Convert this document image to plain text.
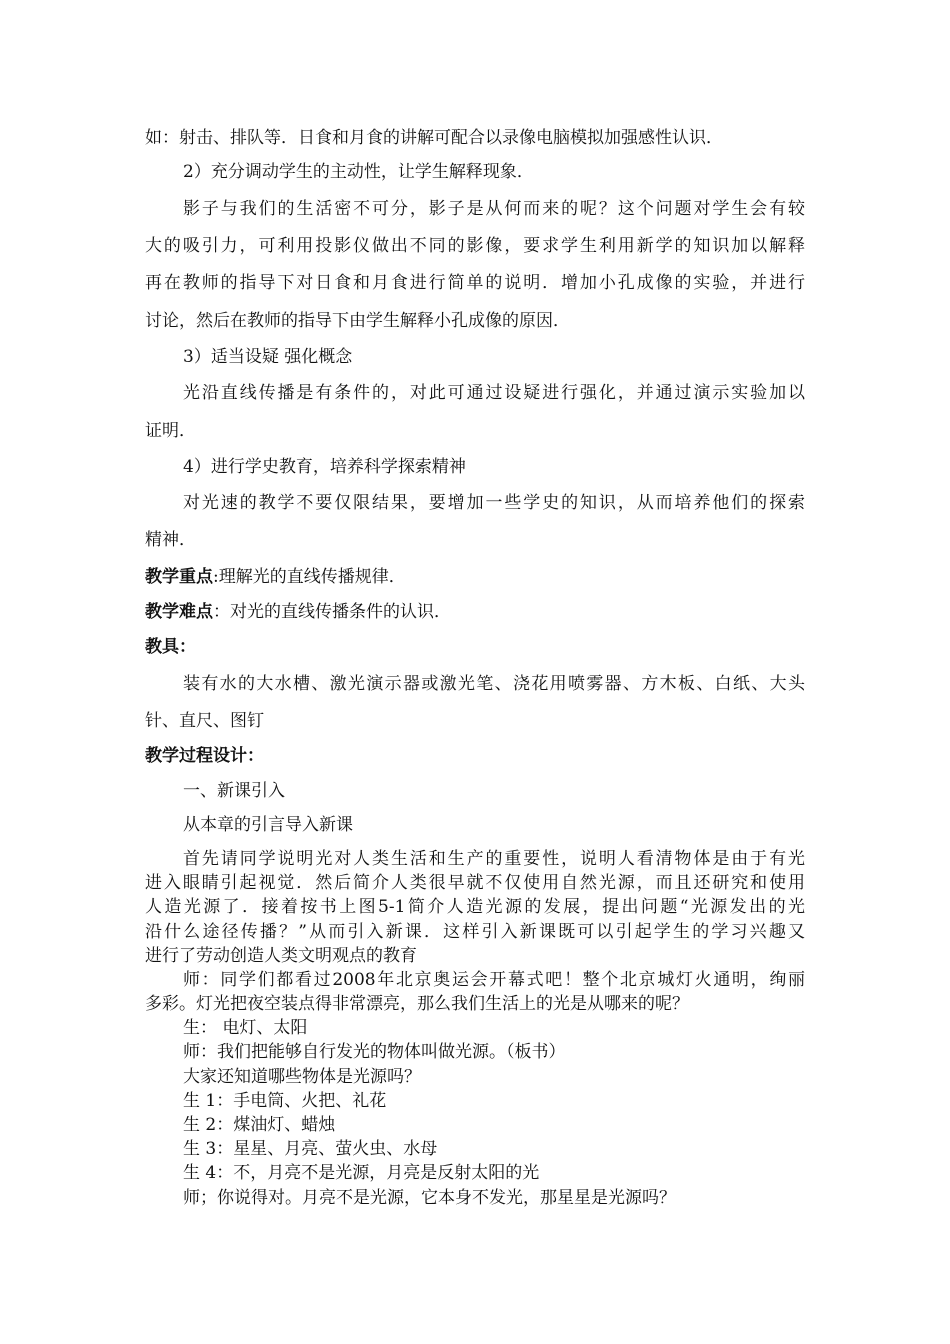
如：射击、排队等．日食和月食的讲解可配合以录像电脑模拟加强感性认识．
2）充分调动学生的主动性，让学生解释现象．
影子与我们的生活密不可分，影子是从何而来的呢？这个问题对学生会有较
大的吸引力，可利用投影仪做出不同的影像，要求学生利用新学的知识加以解释
再在教师的指导下对日食和月食进行简单的说明．增加小孔成像的实验，并进行
讨论，然后在教师的指导下由学生解释小孔成像的原因．
3）适当设疑 强化概念
光沿直线传播是有条件的，对此可通过设疑进行强化，并通过演示实验加以
证明．
4）进行学史教育，培养科学探索精神
对光速的教学不要仅限结果，要增加一些学史的知识，从而培养他们的探索
精神．
教学重点:理解光的直线传播规律．
教学难点：对光的直线传播条件的认识．
教具：
装有水的大水槽、激光演示器或激光笔、浇花用喷雾器、方木板、白纸、大头
针、直尺、图钉
教学过程设计：
一、新课引入
从本章的引言导入新课
首先请同学说明光对人类生活和生产的重要性，说明人看清物体是由于有光
进入眼睛引起视觉．然后简介人类很早就不仅使用自然光源，而且还研究和使用
人造光源了．接着按书上图5-1简介人造光源的发展，提出问题“光源发出的光
沿什么途径传播？”从而引入新课．这样引入新课既可以引起学生的学习兴趣又
进行了劳动创造人类文明观点的教育
师：同学们都看过2008年北京奥运会开幕式吧！整个北京城灯火通明，绚丽
多彩。灯光把夜空装点得非常漂亮，那么我们生活上的光是从哪来的呢？
生： 电灯、太阳
师：我们把能够自行发光的物体叫做光源。（板书）
大家还知道哪些物体是光源吗？
生 1：手电筒、火把、礼花
生 2：煤油灯、蜡烛
生 3：星星、月亮、萤火虫、水母
生 4：不，月亮不是光源，月亮是反射太阳的光
师；你说得对。月亮不是光源，它本身不发光，那星星是光源吗？
